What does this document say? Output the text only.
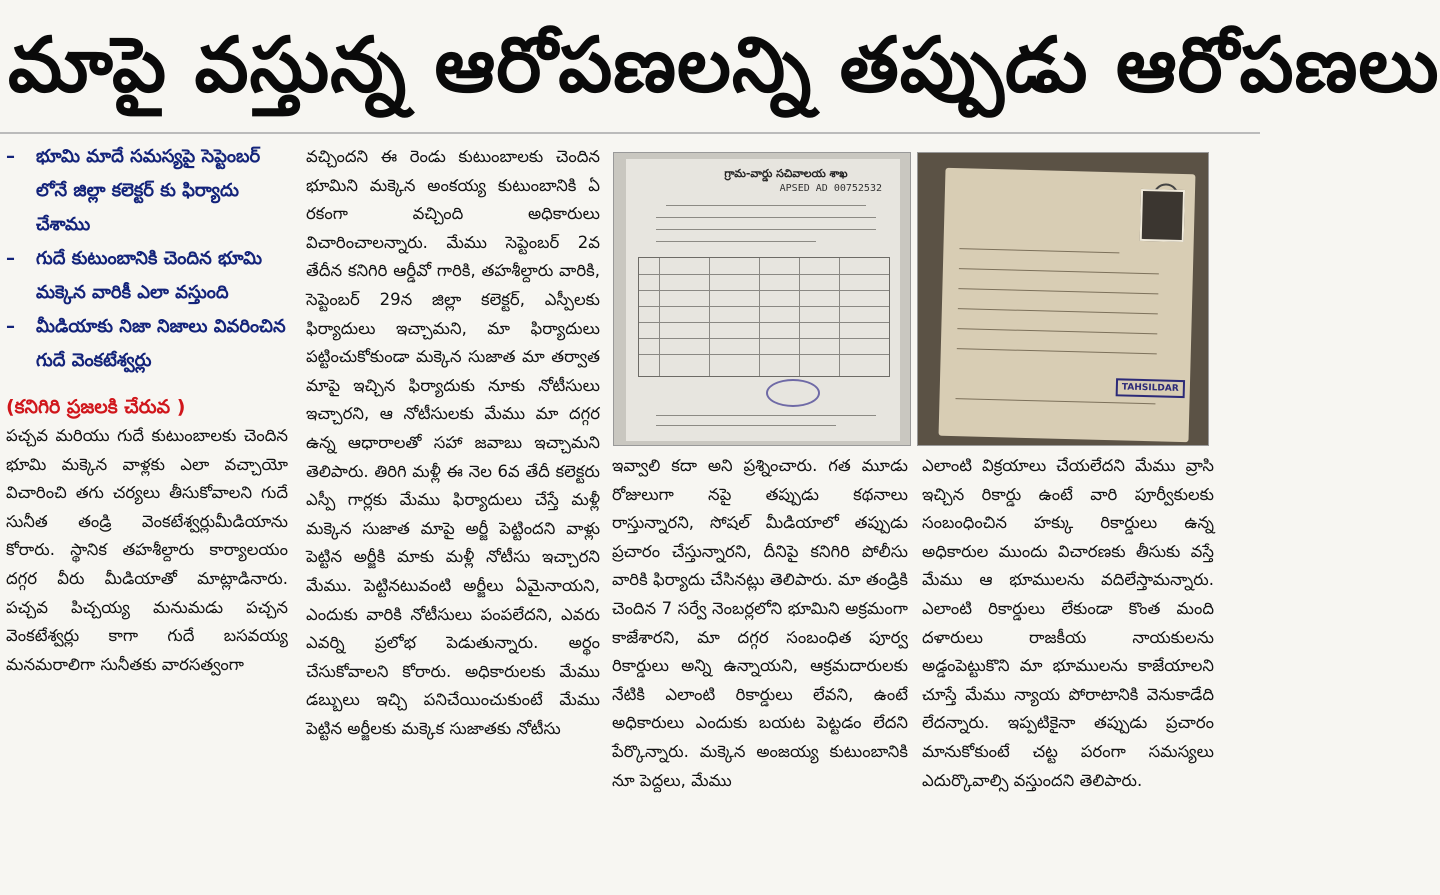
మాపై వస్తున్న ఆరోపణలన్ని తప్పుడు ఆరోపణలు
– భూమి మాదే సమస్యపై సెప్టెంబర్ లోనే జిల్లా కలెక్టర్ కు ఫిర్యాదు చేశాము
– గుదే కుటుంబానికి చెందిన భూమి మక్కెన వారికీ ఎలా వస్తుంది
– మీడియాకు నిజా నిజాలు వివరించిన గుదే వెంకటేశ్వర్లు
(కనిగిరి ప్రజలకి చేరువ )

పచ్చవ మరియు గుదే కుటుంబాలకు చెందిన భూమి మక్కెన వాళ్లకు ఎలా వచ్చాయో విచారించి తగు చర్యలు తీసుకోవాలని గుదే సునీత తండ్రి వెంకటేశ్వర్లుమీడియాను కోరారు. స్థానిక తహశీల్దారు కార్యాలయం దగ్గర వీరు మీడియాతో మాట్లాడినారు. పచ్చవ పిచ్చయ్య మనుమడు పచ్చన వెంకటేశ్వర్లు కాగా గుదే బసవయ్య మనమరాలిగా సునీతకు వారసత్వంగా

వచ్చిందని ఈ రెండు కుటుంబాలకు చెందిన భూమిని మక్కెన అంకయ్య కుటుంబానికి ఏ రకంగా వచ్చింది అధికారులు విచారించాలన్నారు. మేము సెప్టెంబర్ 2వ తేదీన కనిగిరి ఆర్డీవో గారికి, తహశీల్దారు వారికి, సెప్టెంబర్ 29న జిల్లా కలెక్టర్, ఎస్పీలకు ఫిర్యాదులు ఇచ్చామని, మా ఫిర్యాదులు పట్టించుకోకుండా మక్కెన సుజాత మా తర్వాత మాపై ఇచ్చిన ఫిర్యాదుకు నూకు నోటీసులు ఇచ్చారని, ఆ నోటీసులకు మేము మా దగ్గర ఉన్న ఆధారాలతో సహా జవాబు ఇచ్చామని తెలిపారు. తిరిగి మళ్లీ ఈ నెల 6వ తేదీ కలెక్టరు ఎస్పీ గార్లకు మేము ఫిర్యాదులు చేస్తే మళ్లీ మక్కెన సుజాత మాపై అర్జీ పెట్టిందని వాళ్లు పెట్టిన అర్జీకి మాకు మళ్లీ నోటీసు ఇచ్చారని మేము. పెట్టినటువంటి అర్జీలు ఏమైనాయని, ఎందుకు వారికి నోటీసులు పంపలేదని, ఎవరు ఎవర్ని ప్రలోభ పెడుతున్నారు. అర్థం చేసుకోవాలని కోరారు. అధికారులకు మేము డబ్బులు ఇచ్చి పనిచేయించుకుంటే మేము పెట్టిన అర్జీలకు మక్కెక సుజాతకు నోటీసు

గ్రామ-వార్డు సచివాలయ శాఖ
APSED AD 00752532
TAHSILDAR

ఇవ్వాలి కదా అని ప్రశ్నించారు. గత మూడు రోజులుగా నపై తప్పుడు కథనాలు రాస్తున్నారని, సోషల్ మీడియాలో తప్పుడు ప్రచారం చేస్తున్నారని, దీనిపై కనిగిరి పోలీసు వారికి ఫిర్యాదు చేసినట్లు తెలిపారు. మా తండ్రికి చెందిన 7 సర్వే నెంబర్లలోని భూమిని అక్రమంగా కాజేశారని, మా దగ్గర సంబంధిత పూర్వ రికార్డులు అన్ని ఉన్నాయని, ఆక్రమదారులకు నేటికి ఎలాంటి రికార్డులు లేవని, ఉంటే అధికారులు ఎందుకు బయట పెట్టడం లేదని పేర్కొన్నారు. మక్కెన అంజయ్య కుటుంబానికి నూ పెద్దలు, మేము

ఎలాంటి విక్రయాలు చేయలేదని మేము వ్రాసి ఇచ్చిన రికార్డు ఉంటే వారి పూర్వీకులకు సంబంధించిన హక్కు రికార్డులు ఉన్న అధికారుల ముందు విచారణకు తీసుకు వస్తే మేము ఆ భూములను వదిలేస్తామన్నారు. ఎలాంటి రికార్డులు లేకుండా కొంత మంది దళారులు రాజకీయ నాయకులను అడ్డంపెట్టుకొని మా భూములను కాజేయాలని చూస్తే మేము న్యాయ పోరాటానికి వెనుకాడేది లేదన్నారు. ఇప్పటికైనా తప్పుడు ప్రచారం మానుకోకుంటే చట్ట పరంగా సమస్యలు ఎదుర్కొవాల్సి వస్తుందని తెలిపారు.
